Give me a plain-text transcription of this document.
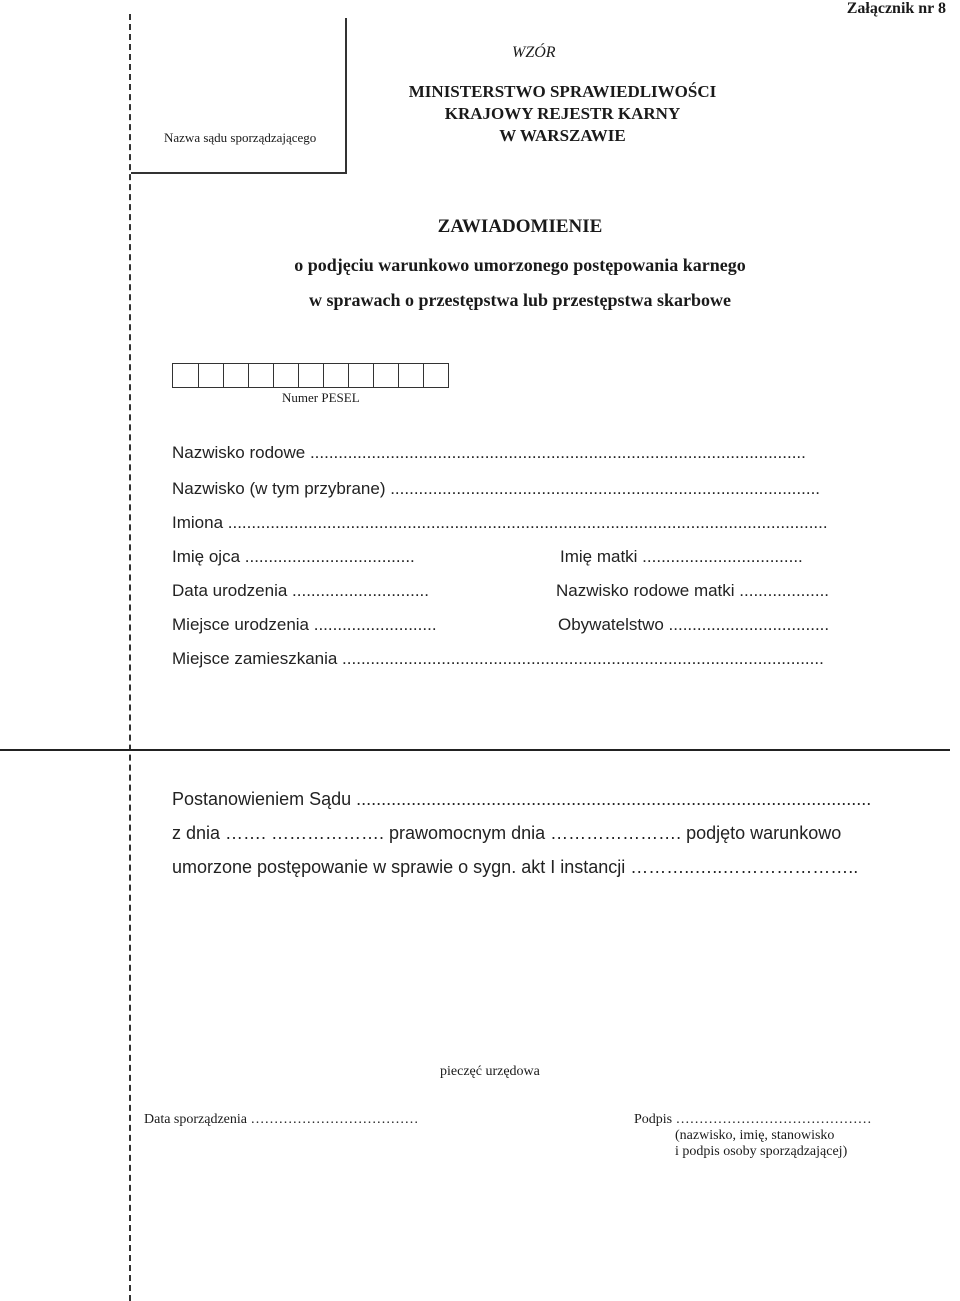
Załącznik nr 8
Nazwa sądu sporządzającego
WZÓR
MINISTERSTWO SPRAWIEDLIWOŚCI
KRAJOWY REJESTR KARNY
W WARSZAWIE
ZAWIADOMIENIE
o podjęciu warunkowo umorzonego postępowania karnego
w sprawach o przestępstwa lub przestępstwa skarbowe
Numer PESEL
Nazwisko rodowe .........................................................................................................
Nazwisko (w tym przybrane) ...........................................................................................
Imiona ...............................................................................................................................
Imię ojca ....................................	Imię matki ..................................
Data urodzenia .............................	Nazwisko rodowe matki ...................
Miejsce urodzenia ..........................	Obywatelstwo ..................................
Miejsce zamieszkania ......................................................................................................
Postanowieniem Sądu .......................................................................................................
z dnia ……. ………………. prawomocnym dnia …………………. podjęto warunkowo
umorzone postępowanie w sprawie o sygn. akt I instancji ………..…..…………………..
pieczęć urzędowa
Data sporządzenia ………………………………	Podpis ……………………………………
(nazwisko, imię, stanowisko
i podpis osoby sporządzającej)
